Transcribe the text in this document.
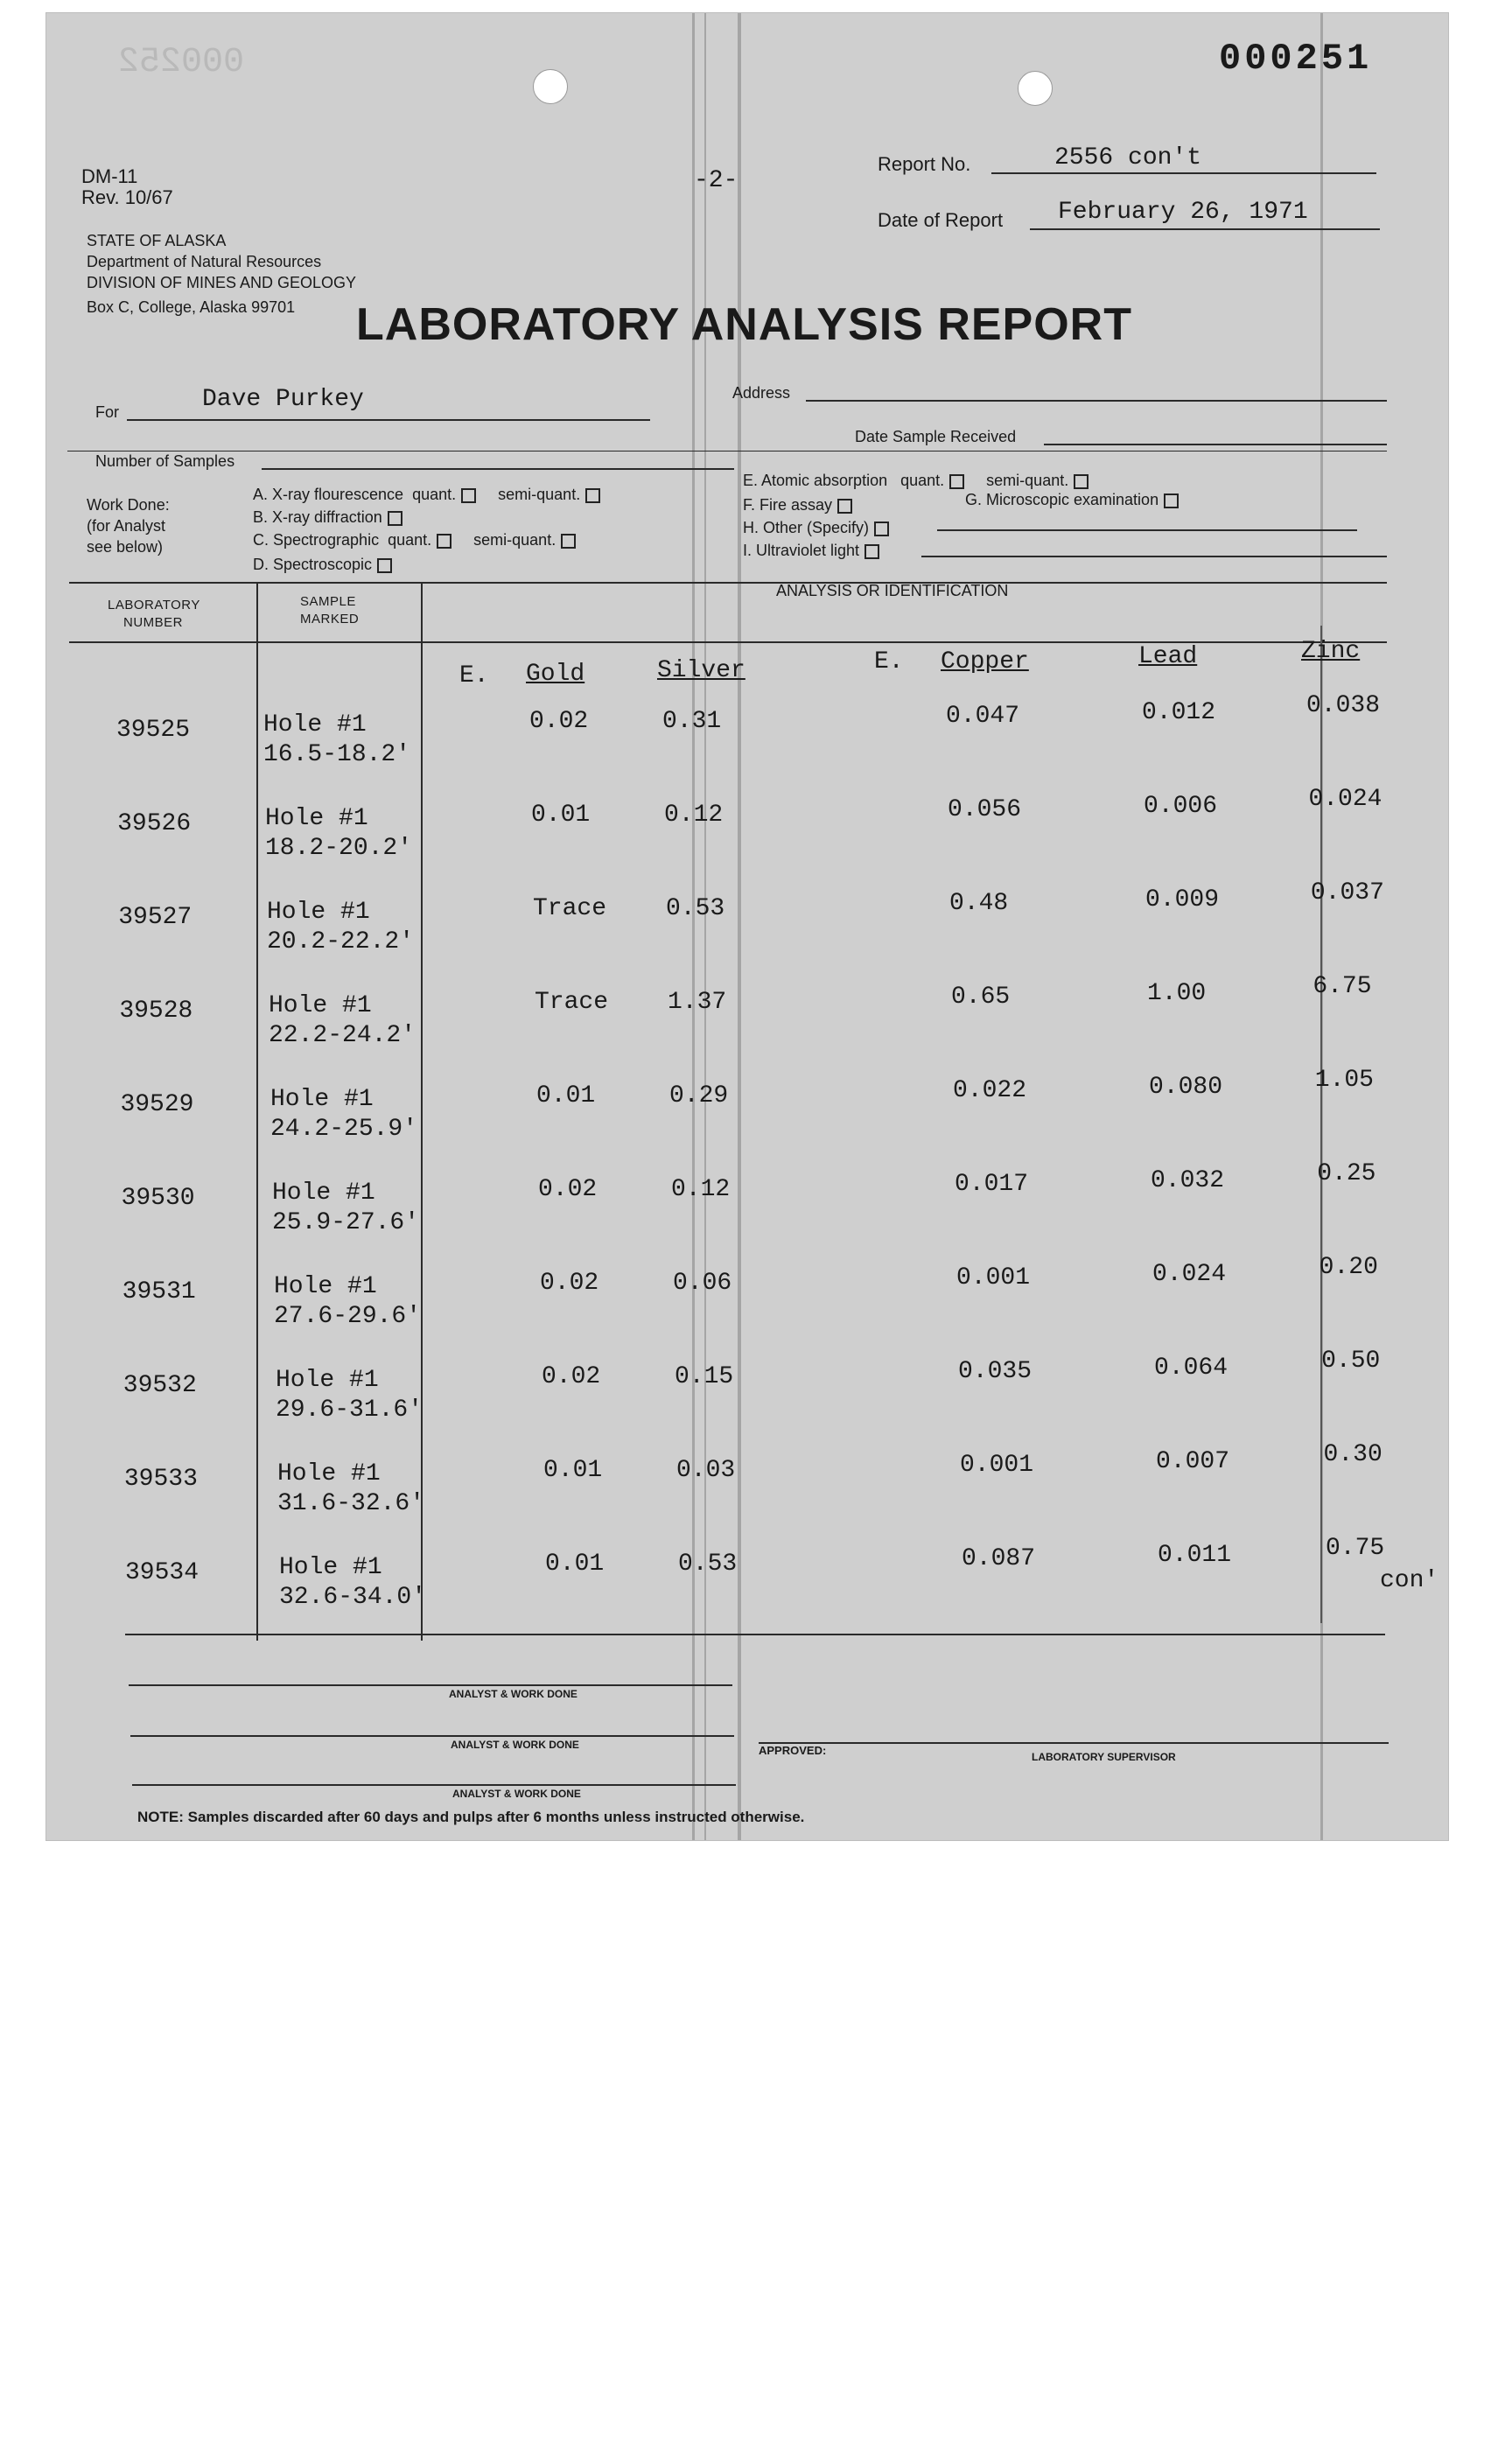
000252	000251
DM-11
Rev. 10/67
-2-
Report No.	2556 con't
Date of Report February 26, 1971
STATE OF ALASKA
Department of Natural Resources
DIVISION OF MINES AND GEOLOGY
Box C, College, Alaska 99701 LABORATORY ANALYSIS REPORT
For	Dave Purkey	Address
Date Sample Received
Number of Samples
Work Done:
(for Analyst
see below)
A. X-ray flourescence quant.	semi-quant.
B. X-ray diffraction
C. Spectrographic quant.	semi-quant.
D. Spectroscopic
E. Atomic absorption quant.	semi-quant.
F. Fire assay	G. Microscopic examination
H. Other (Specify)
I. Ultraviolet light
LABORATORY
NUMBER
SAMPLE
MARKED
ANALYSIS OR IDENTIFICATION
E. Gold	Silver	E. Copper	Lead	Zinc
39525	0.02	0.31	0.047	0.012	0.038
Hole #1
16.5-18.2'
39526	0.01	0.12	0.056	0.006	0.024
Hole #1
18.2-20.2'
39527	Trace 0.53	0.48	0.009	0.037
Hole #1
20.2-22.2'
39528	Trace 1.37	0.65	1.00	6.75
Hole #1
22.2-24.2'
39529	0.01	0.29	0.022	0.080	1.05
Hole #1
24.2-25.9'
39530	0.02	0.12	0.017	0.032	0.25
Hole #1
25.9-27.6'
39531	0.02	0.06	0.001	0.024	0.20
Hole #1
27.6-29.6'
39532	0.02	0.15	0.035	0.064	0.50
Hole #1
29.6-31.6'
39533	0.01	0.03	0.001	0.007	0.30
Hole #1
31.6-32.6'
39534	0.01	0.53	0.087	0.011	0.75
Hole #1
32.6-34.0'
con'
ANALYST & WORK DONE
ANALYST & WORK DONE
ANALYST & WORK DONE
APPROVED:	LABORATORY SUPERVISOR
NOTE: Samples discarded after 60 days and pulps after 6 months unless instructed otherwise.
